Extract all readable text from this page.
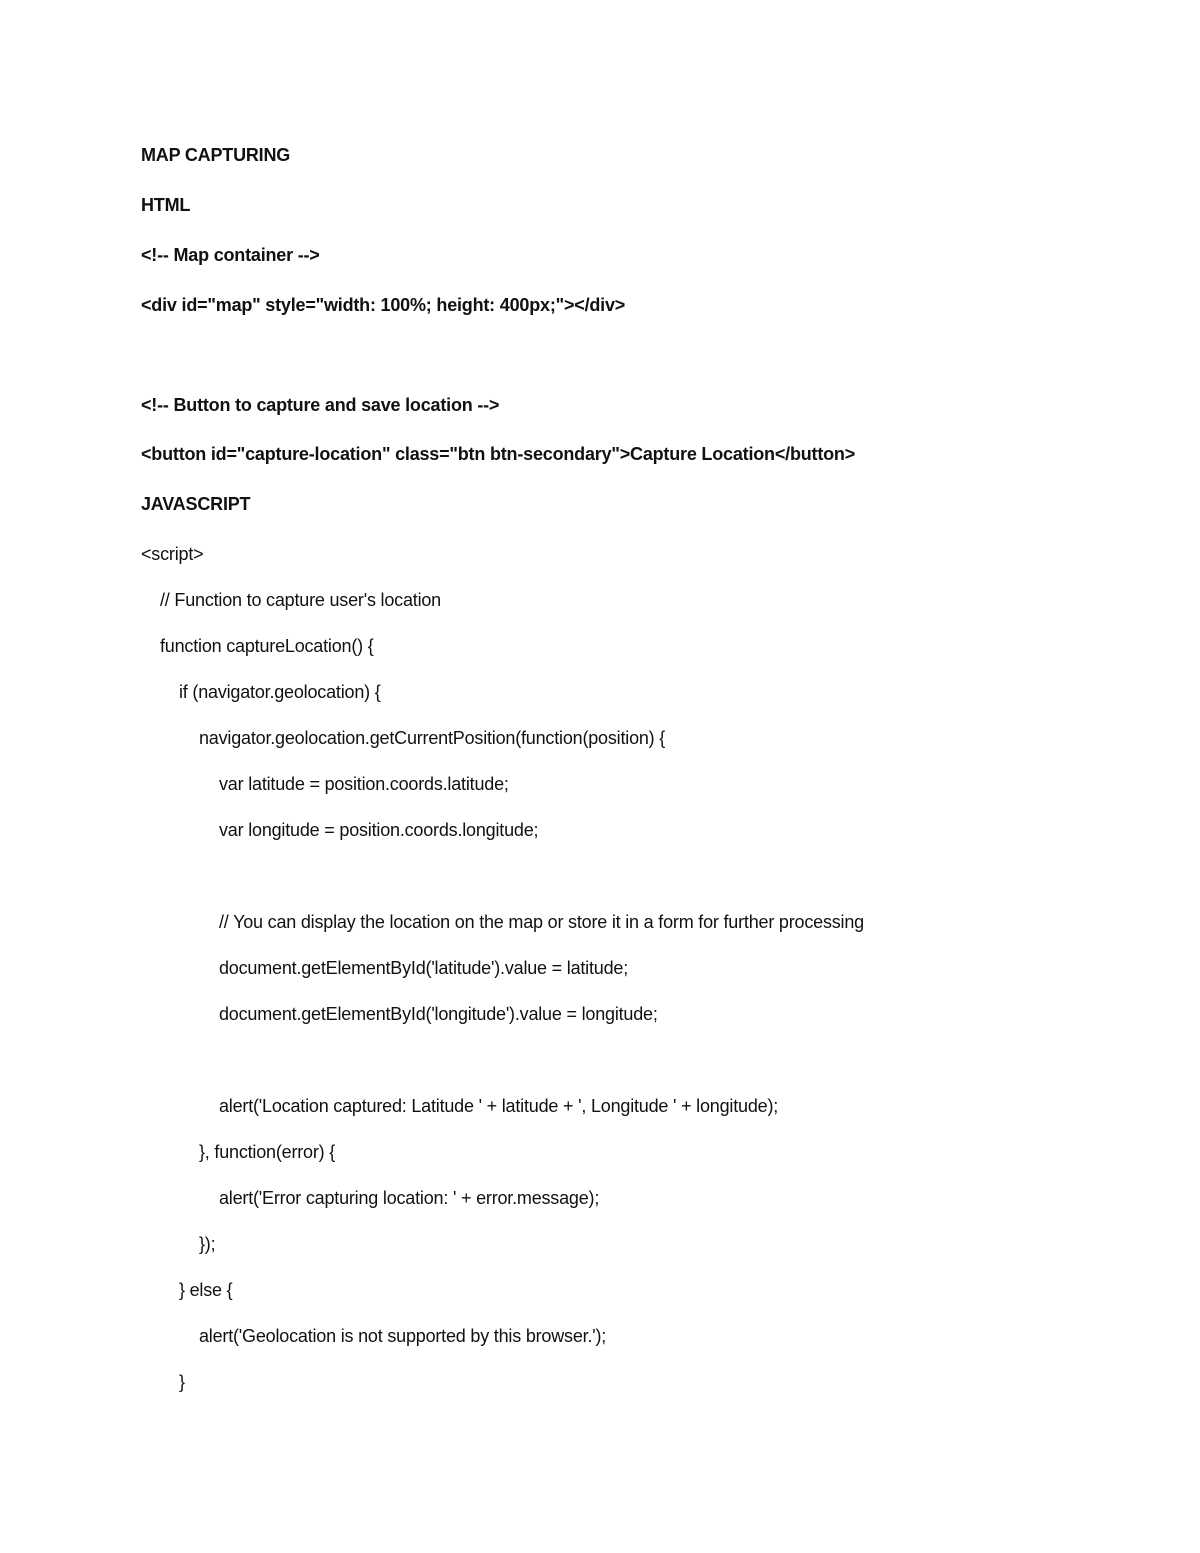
MAP CAPTURING
HTML
<!-- Map container -->
<div id="map" style="width: 100%; height: 400px;"></div>
<!-- Button to capture and save location -->
<button id="capture-location" class="btn btn-secondary">Capture Location</button>
JAVASCRIPT
<script>
// Function to capture user's location
function captureLocation() {
if (navigator.geolocation) {
navigator.geolocation.getCurrentPosition(function(position) {
var latitude = position.coords.latitude;
var longitude = position.coords.longitude;
// You can display the location on the map or store it in a form for further processing
document.getElementById('latitude').value = latitude;
document.getElementById('longitude').value = longitude;
alert('Location captured: Latitude ' + latitude + ', Longitude ' + longitude);
}, function(error) {
alert('Error capturing location: ' + error.message);
});
} else {
alert('Geolocation is not supported by this browser.');
}
